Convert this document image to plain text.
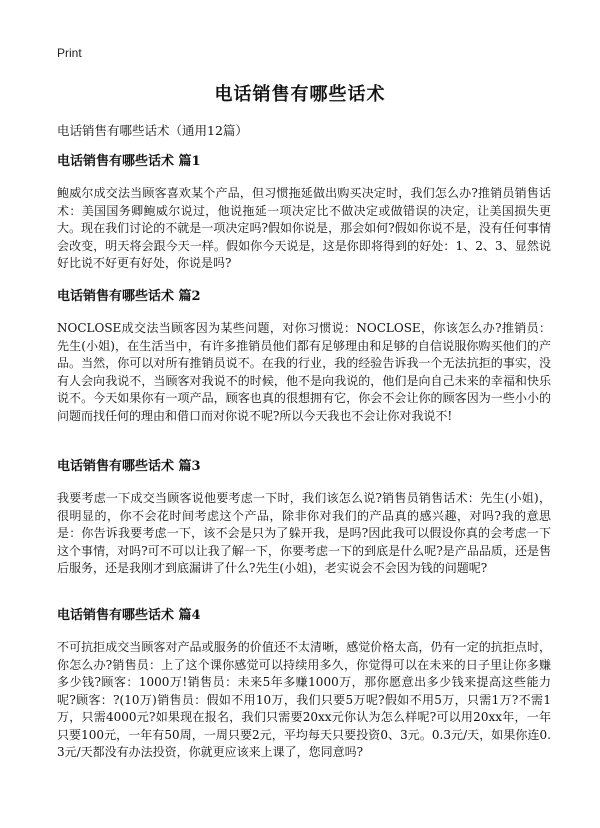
Print
电话销售有哪些话术
电话销售有哪些话术（通用12篇）
电话销售有哪些话术 篇1

鲍威尔成交法当顾客喜欢某个产品，但习惯拖延做出购买决定时，我们怎么办?推销员销售话术：美国国务卿鲍威尔说过，他说拖延一项决定比不做决定或做错误的决定，让美国损失更大。现在我们讨论的不就是一项决定吗?假如你说是，那会如何?假如你说不是，没有任何事情会改变，明天将会跟今天一样。假如你今天说是，这是你即将得到的好处：1、2、3、显然说好比说不好更有好处，你说是吗?

电话销售有哪些话术 篇2

NOCLOSE成交法当顾客因为某些问题，对你习惯说：NOCLOSE，你该怎么办?推销员：先生(小姐)，在生活当中，有许多推销员他们都有足够理由和足够的自信说服你购买他们的产品。当然，你可以对所有推销员说不。在我的行业，我的经验告诉我一个无法抗拒的事实，没有人会向我说不，当顾客对我说不的时候，他不是向我说的，他们是向自己未来的幸福和快乐说不。今天如果你有一项产品，顾客也真的很想拥有它，你会不会让你的顾客因为一些小小的问题而找任何的理由和借口而对你说不呢?所以今天我也不会让你对我说不!

电话销售有哪些话术 篇3

我要考虑一下成交当顾客说他要考虑一下时，我们该怎么说?销售员销售话术：先生(小姐)，很明显的，你不会花时间考虑这个产品，除非你对我们的产品真的感兴趣，对吗?我的意思是：你告诉我要考虑一下，该不会是只为了躲开我，是吗?因此我可以假设你真的会考虑一下这个事情，对吗?可不可以让我了解一下，你要考虑一下的到底是什么呢?是产品品质，还是售后服务，还是我刚才到底漏讲了什么?先生(小姐)，老实说会不会因为钱的问题呢?

电话销售有哪些话术 篇4

不可抗拒成交当顾客对产品或服务的价值还不太清晰，感觉价格太高，仍有一定的抗拒点时，你怎么办?销售员：上了这个课你感觉可以持续用多久，你觉得可以在未来的日子里让你多赚多少钱?顾客：1000万!销售员：未来5年多赚1000万，那你愿意出多少钱来提高这些能力呢?顾客：?(10万)销售员：假如不用10万，我们只要5万呢?假如不用5万，只需1万?不需1万，只需4000元?如果现在报名，我们只需要20xx元你认为怎么样呢?可以用20xx年，一年只要100元，一年有50周，一周只要2元，平均每天只要投资0、3元。0.3元/天，如果你连0.3元/天都没有办法投资，你就更应该来上课了，您同意吗?
